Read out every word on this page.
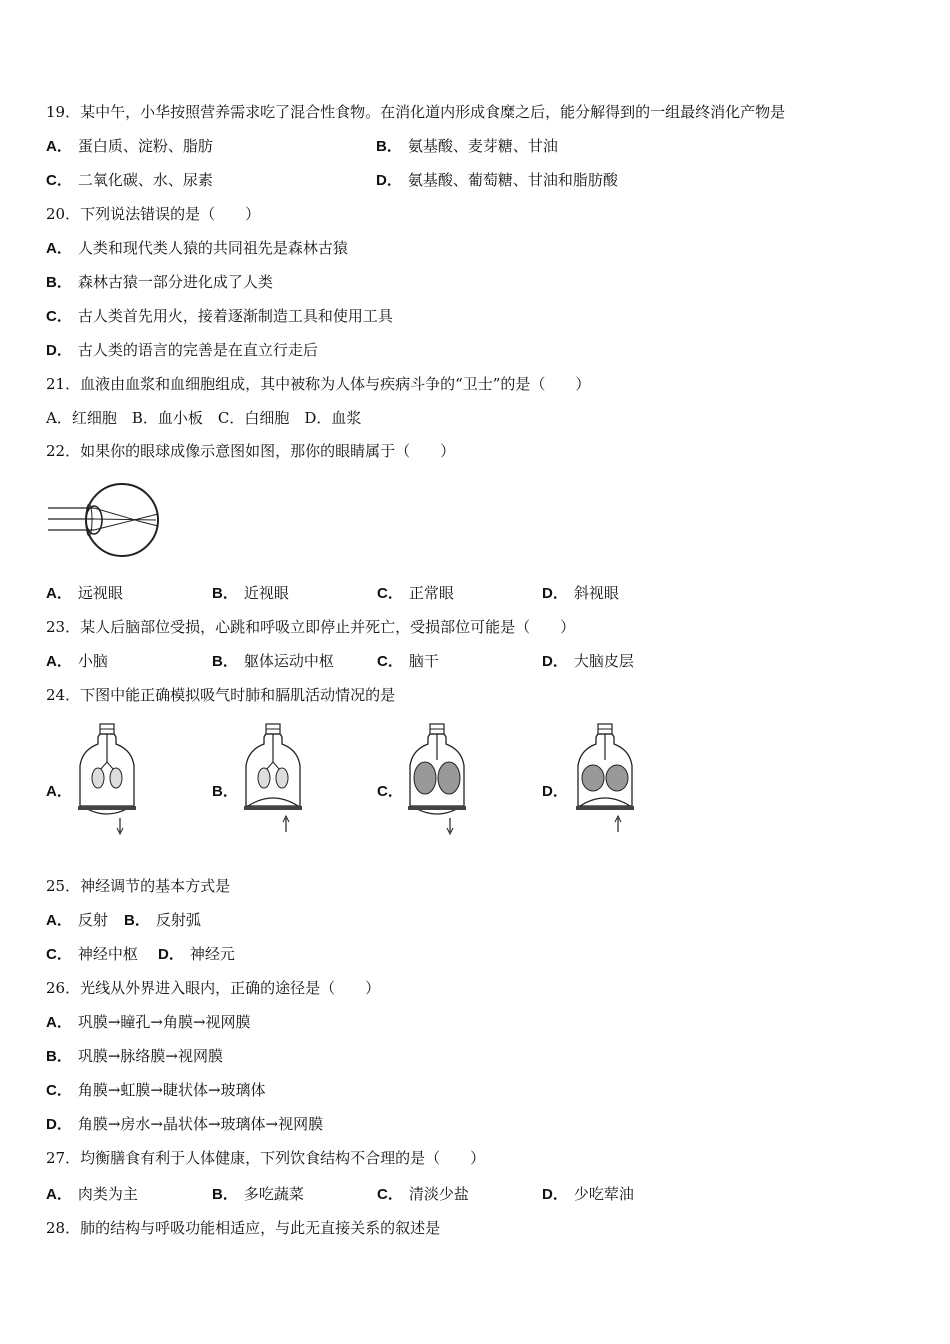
19．某中午，小华按照营养需求吃了混合性食物。在消化道内形成食糜之后，能分解得到的一组最终消化产物是
A． 蛋白质、淀粉、脂肪	B． 氨基酸、麦芽糖、甘油
C． 二氧化碳、水、尿素	D． 氨基酸、葡萄糖、甘油和脂肪酸
20．下列说法错误的是（　　）
A． 人类和现代类人猿的共同祖先是森林古猿
B． 森林古猿一部分进化成了人类
C． 古人类首先用火，接着逐渐制造工具和使用工具
D． 古人类的语言的完善是在直立行走后
21．血液由血浆和血细胞组成，其中被称为人体与疾病斗争的“卫士”的是（　　）
A．红细胞　B．血小板　C．白细胞　D．血浆
22．如果你的眼球成像示意图如图，那你的眼睛属于（　　）
A． 远视眼	B． 近视眼	C． 正常眼	D． 斜视眼
23．某人后脑部位受损，心跳和呼吸立即停止并死亡，受损部位可能是（　　）
A． 小脑	B． 躯体运动中枢	C． 脑干	D． 大脑皮层
24．下图中能正确模拟吸气时肺和膈肌活动情况的是
A．	B．	C．	D．
25．神经调节的基本方式是
A． 反射 B． 反射弧
C． 神经中枢 D． 神经元
26．光线从外界进入眼内，正确的途径是（　　）
A． 巩膜→瞳孔→角膜→视网膜
B． 巩膜→脉络膜→视网膜
C． 角膜→虹膜→睫状体→玻璃体
D． 角膜→房水→晶状体→玻璃体→视网膜
27．均衡膳食有利于人体健康，下列饮食结构不合理的是（　　）
A． 肉类为主	B． 多吃蔬菜	C． 清淡少盐	D． 少吃荤油
28．肺的结构与呼吸功能相适应，与此无直接关系的叙述是
